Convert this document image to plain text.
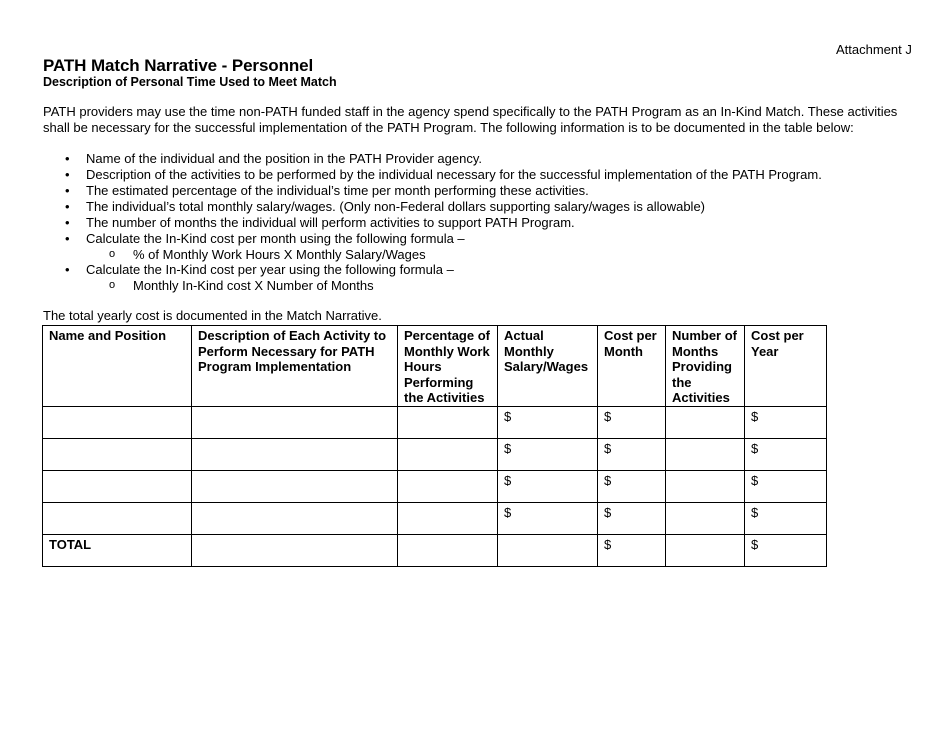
Attachment J
PATH Match Narrative - Personnel
Description of Personal Time Used to Meet Match
PATH providers may use the time non-PATH funded staff in the agency spend specifically to the PATH Program as an In-Kind Match. These activities shall be necessary for the successful implementation of the PATH Program. The following information is to be documented in the table below:
• Name of the individual and the position in the PATH Provider agency.
• Description of the activities to be performed by the individual necessary for the successful implementation of the PATH Program.
• The estimated percentage of the individual’s time per month performing these activities.
• The individual’s total monthly salary/wages. (Only non-Federal dollars supporting salary/wages is allowable)
• The number of months the individual will perform activities to support PATH Program.
• Calculate the In-Kind cost per month using the following formula –
o % of Monthly Work Hours X Monthly Salary/Wages
• Calculate the In-Kind cost per year using the following formula –
o Monthly In-Kind cost X Number of Months
The total yearly cost is documented in the Match Narrative.
Name and Position	Description of Each Activity to Perform Necessary for PATH Program Implementation	Percentage of Monthly Work Hours Performing the Activities	Actual Monthly Salary/Wages	Cost per Month	Number of Months Providing the Activities	Cost per Year
			$	$		$
			$	$		$
			$	$		$
			$	$		$
TOTAL				$		$
